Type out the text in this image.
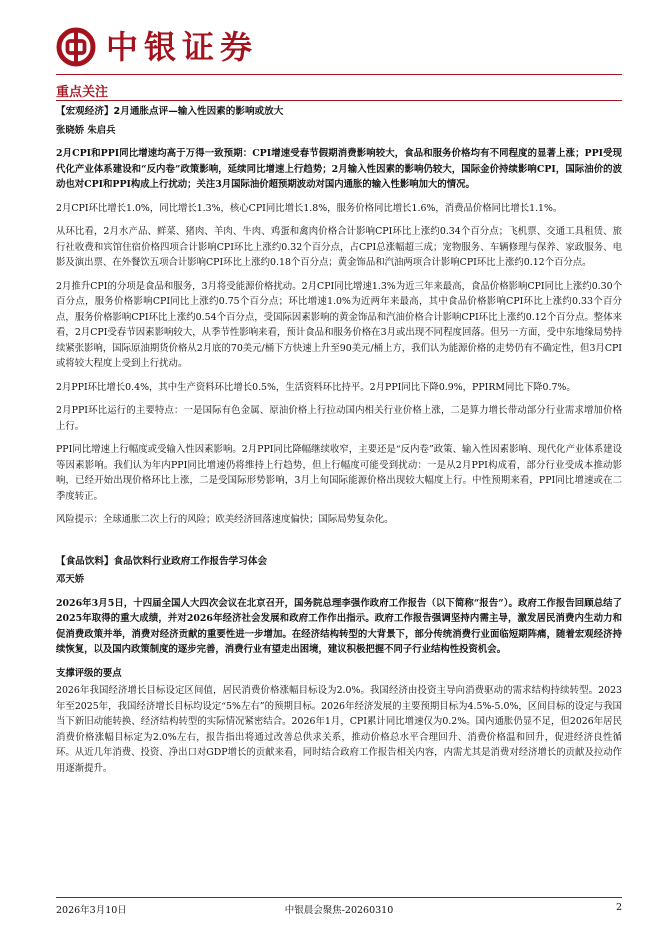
中银证券
重点关注
【宏观经济】2月通胀点评—输入性因素的影响或放大
张晓娇 朱启兵

2月CPI和PPI同比增速均高于万得一致预期：CPI增速受春节假期消费影响较大，食品和服务价格均有不同程度的显著上涨；PPI受现代化产业体系建设和“反内卷”政策影响，延续同比增速上行趋势；2月输入性因素的影响仍较大，国际金价持续影响CPI，国际油价的波动也对CPI和PPI构成上行扰动；关注3月国际油价超预期波动对国内通胀的输入性影响加大的情况。

2月CPI环比增长1.0%，同比增长1.3%，核心CPI同比增长1.8%，服务价格同比增长1.6%，消费品价格同比增长1.1%。

从环比看，2月水产品、鲜菜、猪肉、羊肉、牛肉、鸡蛋和禽肉价格合计影响CPI环比上涨约0.34个百分点；飞机票、交通工具租赁、旅行社收费和宾馆住宿价格四项合计影响CPI环比上涨约0.32个百分点，占CPI总涨幅超三成；宠物服务、车辆修理与保养、家政服务、电影及演出票、在外餐饮五项合计影响CPI环比上涨约0.18个百分点；黄金饰品和汽油两项合计影响CPI环比上涨约0.12个百分点。

2月推升CPI的分项是食品和服务，3月将受能源价格扰动。2月CPI同比增速1.3%为近三年来最高，食品价格影响CPI同比上涨约0.30个百分点，服务价格影响CPI同比上涨约0.75个百分点；环比增速1.0%为近两年来最高，其中食品价格影响CPI环比上涨约0.33个百分点，服务价格影响CPI环比上涨约0.54个百分点，受国际因素影响的黄金饰品和汽油价格合计影响CPI环比上涨约0.12个百分点。整体来看，2月CPI受春节因素影响较大，从季节性影响来看，预计食品和服务价格在3月或出现不同程度回落。但另一方面，受中东地缘局势持续紧张影响，国际原油期货价格从2月底的70美元/桶下方快速上升至90美元/桶上方，我们认为能源价格的走势仍有不确定性，但3月CPI或将较大程度上受到上行扰动。

2月PPI环比增长0.4%，其中生产资料环比增长0.5%，生活资料环比持平。2月PPI同比下降0.9%，PPIRM同比下降0.7%。

2月PPI环比运行的主要特点：一是国际有色金属、原油价格上行拉动国内相关行业价格上涨，二是算力增长带动部分行业需求增加价格上行。

PPI同比增速上行幅度或受输入性因素影响。2月PPI同比降幅继续收窄，主要还是“反内卷”政策、输入性因素影响、现代化产业体系建设等因素影响。我们认为年内PPI同比增速仍将维持上行趋势，但上行幅度可能受到扰动：一是从2月PPI构成看，部分行业受成本推动影响，已经开始出现价格环比上涨，二是受国际形势影响，3月上旬国际能源价格出现较大幅度上行。中性预期来看，PPI同比增速或在二季度转正。

风险提示：全球通胀二次上行的风险；欧美经济回落速度偏快；国际局势复杂化。

【食品饮料】食品饮料行业政府工作报告学习体会
邓天娇

2026年3月5日，十四届全国人大四次会议在北京召开，国务院总理李强作政府工作报告（以下简称“报告”）。政府工作报告回顾总结了2025年取得的重大成绩，并对2026年经济社会发展和政府工作作出指示。政府工作报告强调坚持内需主导，激发居民消费内生动力和促消费政策并举，消费对经济贡献的重要性进一步增加。在经济结构转型的大背景下，部分传统消费行业面临短期阵痛，随着宏观经济持续恢复，以及国内政策制度的逐步完善，消费行业有望走出困境，建议积极把握不同子行业结构性投资机会。

支撑评级的要点

2026年我国经济增长目标设定区间值，居民消费价格涨幅目标设为2.0%。我国经济由投资主导向消费驱动的需求结构持续转型。2023年至2025年，我国经济增长目标均设定“5%左右”的预期目标。2026年经济发展的主要预期目标为4.5%-5.0%，区间目标的设定与我国当下新旧动能转换、经济结构转型的实际情况紧密结合。2026年1月，CPI累计同比增速仅为0.2%。国内通胀仍显不足，但2026年居民消费价格涨幅目标定为2.0%左右，报告指出将通过改善总供求关系，推动价格总水平合理回升、消费价格温和回升，促进经济良性循环。从近几年消费、投资、净出口对GDP增长的贡献来看，同时结合政府工作报告相关内容，内需尤其是消费对经济增长的贡献及拉动作用逐渐提升。

2026年3月10日	中银晨会聚焦-20260310	2
